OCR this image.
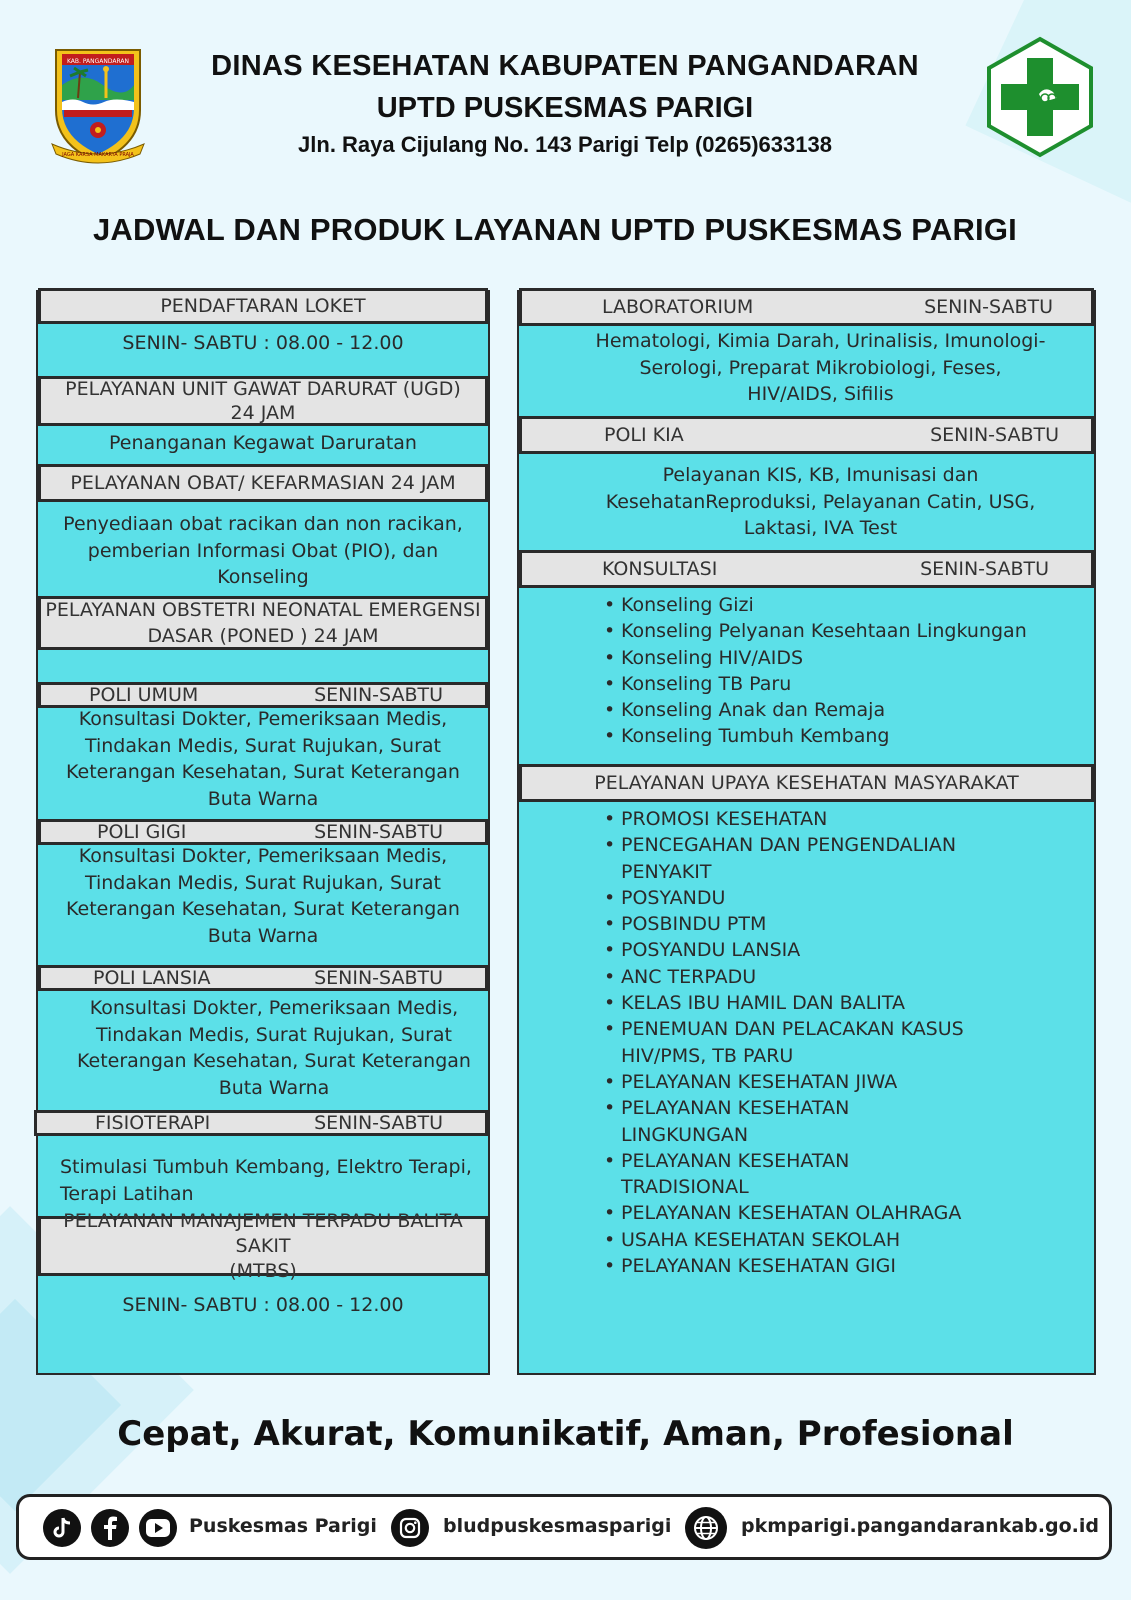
KAB. PANGANDARAN
JAGA KARSA MAKARYA PRAJA
DINAS KESEHATAN KABUPATEN PANGANDARAN
UPTD PUSKESMAS PARIGI
Jln. Raya Cijulang No. 143 Parigi Telp (0265)633138
JADWAL DAN PRODUK LAYANAN UPTD PUSKESMAS PARIGI
PENDAFTARAN LOKET
SENIN- SABTU : 08.00 - 12.00
PELAYANAN UNIT GAWAT DARURAT (UGD)
24 JAM
Penanganan Kegawat Daruratan
PELAYANAN OBAT/ KEFARMASIAN 24 JAM
Penyediaan obat racikan dan non racikan,
pemberian Informasi Obat (PIO), dan
Konseling
PELAYANAN OBSTETRI NEONATAL EMERGENSI
DASAR (PONED ) 24 JAM
POLI UMUM	SENIN-SABTU
Konsultasi Dokter, Pemeriksaan Medis,
Tindakan Medis, Surat Rujukan, Surat
Keterangan Kesehatan, Surat Keterangan
Buta Warna
POLI GIGI	SENIN-SABTU
Konsultasi Dokter, Pemeriksaan Medis,
Tindakan Medis, Surat Rujukan, Surat
Keterangan Kesehatan, Surat Keterangan
Buta Warna
POLI LANSIA	SENIN-SABTU
Konsultasi Dokter, Pemeriksaan Medis,
Tindakan Medis, Surat Rujukan, Surat
Keterangan Kesehatan, Surat Keterangan
Buta Warna
FISIOTERAPI	SENIN-SABTU
Stimulasi Tumbuh Kembang, Elektro Terapi,
Terapi Latihan
PELAYANAN MANAJEMEN TERPADU BALITA SAKIT
(MTBS)
SENIN- SABTU : 08.00 - 12.00
LABORATORIUM	SENIN-SABTU
Hematologi, Kimia Darah, Urinalisis, Imunologi-
Serologi, Preparat Mikrobiologi, Feses,
HIV/AIDS, Sifilis
POLI KIA	SENIN-SABTU
Pelayanan KIS, KB, Imunisasi dan
KesehatanReproduksi, Pelayanan Catin, USG,
Laktasi, IVA Test
KONSULTASI	SENIN-SABTU
• Konseling Gizi
• Konseling Pelyanan Kesehtaan Lingkungan
• Konseling HIV/AIDS
• Konseling TB Paru
• Konseling Anak dan Remaja
• Konseling Tumbuh Kembang
PELAYANAN UPAYA KESEHATAN MASYARAKAT
• PROMOSI KESEHATAN
• PENCEGAHAN DAN PENGENDALIAN PENYAKIT
• POSYANDU
• POSBINDU PTM
• POSYANDU LANSIA
• ANC TERPADU
• KELAS IBU HAMIL DAN BALITA
• PENEMUAN DAN PELACAKAN KASUS HIV/PMS, TB PARU
• PELAYANAN KESEHATAN JIWA
• PELAYANAN KESEHATAN LINGKUNGAN
• PELAYANAN KESEHATAN TRADISIONAL
• PELAYANAN KESEHATAN OLAHRAGA
• USAHA KESEHATAN SEKOLAH
• PELAYANAN KESEHATAN GIGI
Cepat, Akurat, Komunikatif, Aman, Profesional
Puskesmas Parigi	bludpuskesmasparigi	pkmparigi.pangandarankab.go.id
